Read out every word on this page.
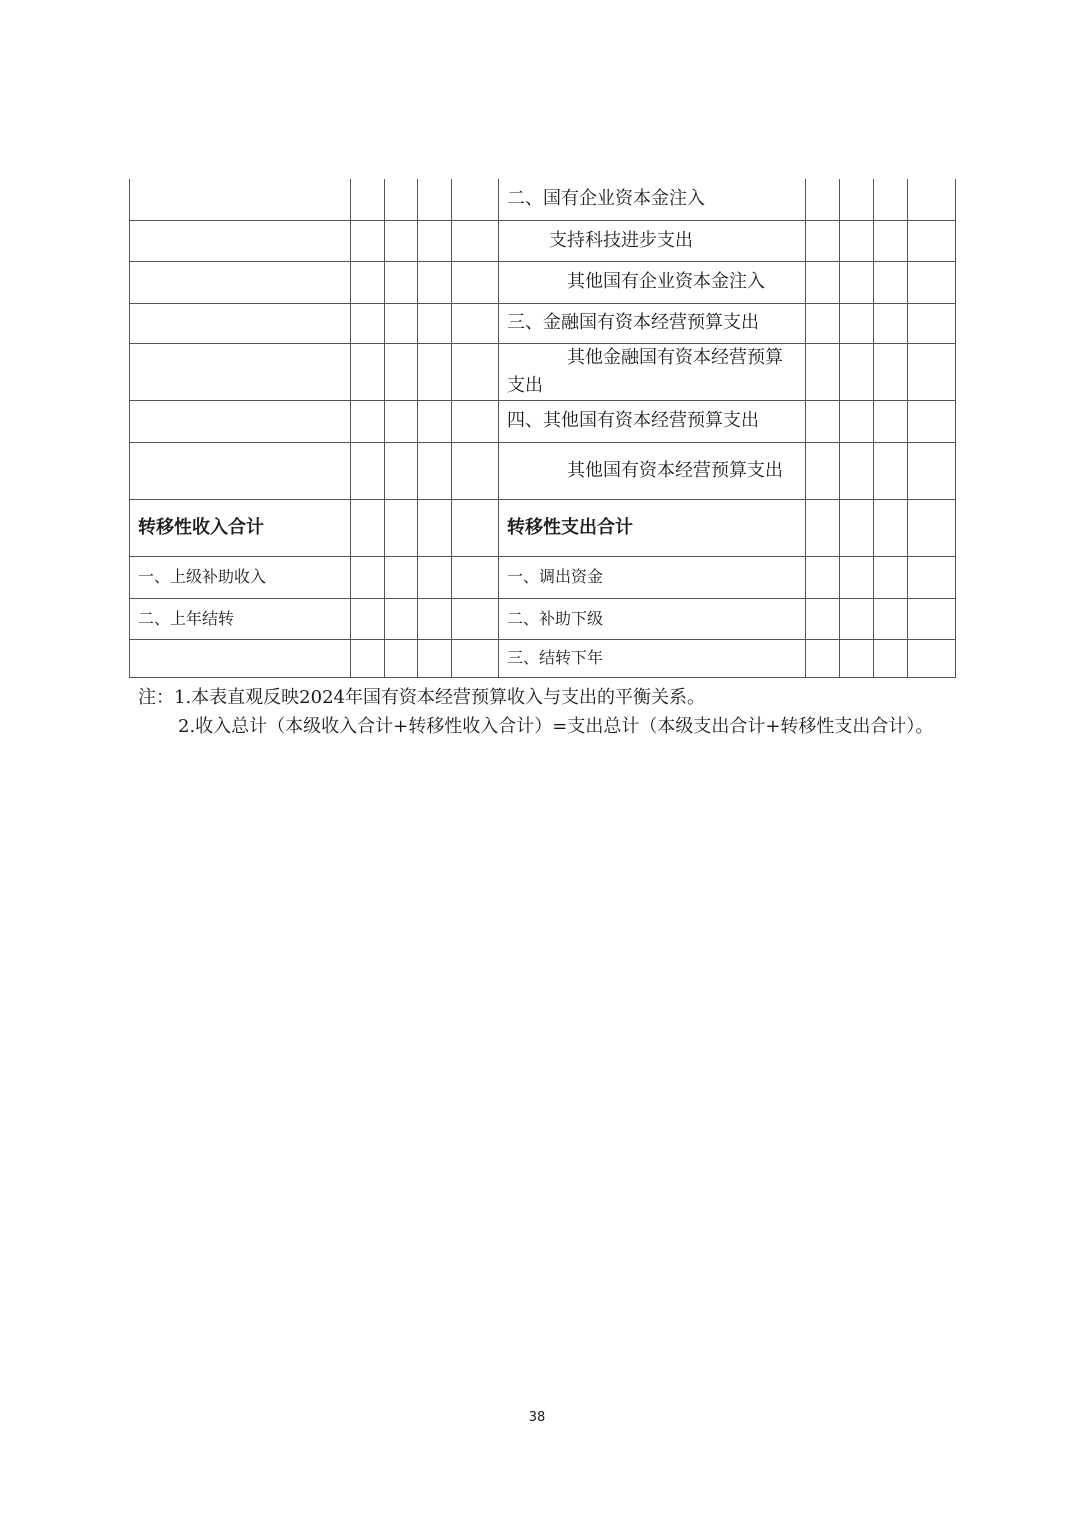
					二、国有企业资本金注入				
					支持科技进步支出				
					其他国有企业资本金注入				
					三、金融国有资本经营预算支出				
					其他金融国有资本经营预算支出				
					四、其他国有资本经营预算支出				
					其他国有资本经营预算支出				
转移性收入合计					转移性支出合计				
一、上级补助收入					一、调出资金				
二、上年结转					二、补助下级				
					三、结转下年				

注：1.本表直观反映2024年国有资本经营预算收入与支出的平衡关系。

2.收入总计（本级收入合计+转移性收入合计）=支出总计（本级支出合计+转移性支出合计）。

38
